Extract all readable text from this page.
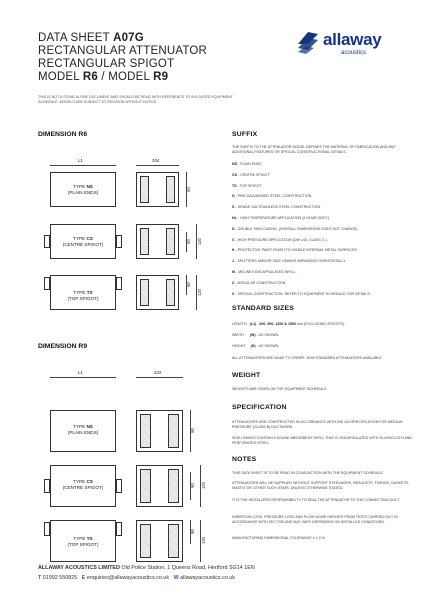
DATA SHEET A07G
RECTANGULAR ATTENUATOR
RECTANGULAR SPIGOT
MODEL R6 / MODEL R9
THIS IS NOT A STAND ALONE DOCUMENT AND SHOULD BE READ WITH REFERENCE TO IN A DATED EQUIPMENT SCHEDULE. MODELS ARE SUBJECT TO REVISION WITHOUT NOTICE.
allaway
acoustics
DIMENSION R6
L1	204
TYPE NS
(PLAIN ENDS)
60
TYPE CS
(CENTRE SPIGOT)
60 120
TYPE TS
(TOP SPIGOT)
60
120
DIMENSION R9
L1	222
TYPE NS
(PLAIN ENDS)	90
TYPE CS
(CENTRE SPIGOT)	90 120
TYPE TS
(TOP SPIGOT)
90
120
SUFFIX
THE SUFFIX TO THE ATTENUATOR MODEL DEFINES THE MATERIAL OF FABRICATION AND ANY ADDITIONAL FEATURES OR SPECIAL CONSTRUCTIONAL DETAILS.
NS - PLAIN ENDS
CS - CENTRE SPIGOT
TS - TOP SPIGOT
G - PRE-GALVANISED STEEL CONSTRUCTION.
S - GRADE 316 STAINLESS STEEL CONSTRUCTION.
HL - HIGH TEMPERATURE APPLICATION (2 HOUR 300°C).
D - DOUBLE SKIN CASING. (OVERALL DIMENSIONS DOES NOT CHANGE).
C - HIGH PRESSURE APPLICATION (DW 144, CLASS C ).
K - PROTECTIVE PAINT FINISH TO VISIBLE INTERNAL METAL SURFACES.
J - SPLITTERS AND/OR SIDE LININGS ARRANGED HORIZONTALLY.
M - MELINEX ENCAPSULATED INFILL.
Z - MODULAR CONSTRUCTION.
X - SPECIAL CONSTRUCTION. REFER TO EQUIPMENT SCHEDULE FOR DETAILS.
STANDARD SIZES
LENGTH (L1) - 600, 900, 1200 & 1500 mm (EXCLUDING SPIGOTS).
WIDTH (W) - AS SHOWN.
HEIGHT (H) - AS SHOWN.
ALL ATTENUATORS ARE MADE TO ORDER. NON STANDARD ATTENUATORS AVAILABLE.
WEIGHT
WEIGHTS ARE GIVEN ON THE EQUIPMENT SCHEDULE.
SPECIFICATION
ATTENUATORS ARE CONSTRUCTED IN ACCORDANCE WITH DW 144 SPECIFICATION FOR MEDIUM PRESSURE (CLASS B) DUCTWORK.
SIDE LININGS CONTAIN A SOUND ABSORBENT INFILL THAT IS ENCAPSULATED WITH GLASSCLOTH AND PERFORATED STEEL.
NOTES
THIS DATA SHEET IS TO BE READ IN CONJUNCTION WITH THE EQUIPMENT SCHEDULE.
ATTENUATORS WILL BE SUPPLIED WITHOUT SUPPORT STEELWORK, BRACKETS, FIXINGS, GASKETS, MASTIC OR OTHER SUCH ITEMS, UNLESS OTHERWISE STATED.
IT IS THE INSTALLERS RESPONSIBILITY TO SEAL THE ATTENUATOR TO THE CONNECTING DUCT.
INSERTION LOSS, PRESSURE LOSS AND FLOW NOISE DERIVED FROM TESTS CARRIED OUT IN ACCORDANCE WITH ISO 7235 AND MAY VARY DEPENDING ON INSTALLED CONDITIONS.
MANUFACTURING DIMENSIONAL TOLERANCE ± 1.0 %.
ALLAWAY ACOUSTICS LIMITED Old Police Station, 1 Queens Road, Hertford SG14 1EN
T 01992 550825 E enquiries@allawayacoustics.co.uk W allawayacoustics.co.uk
